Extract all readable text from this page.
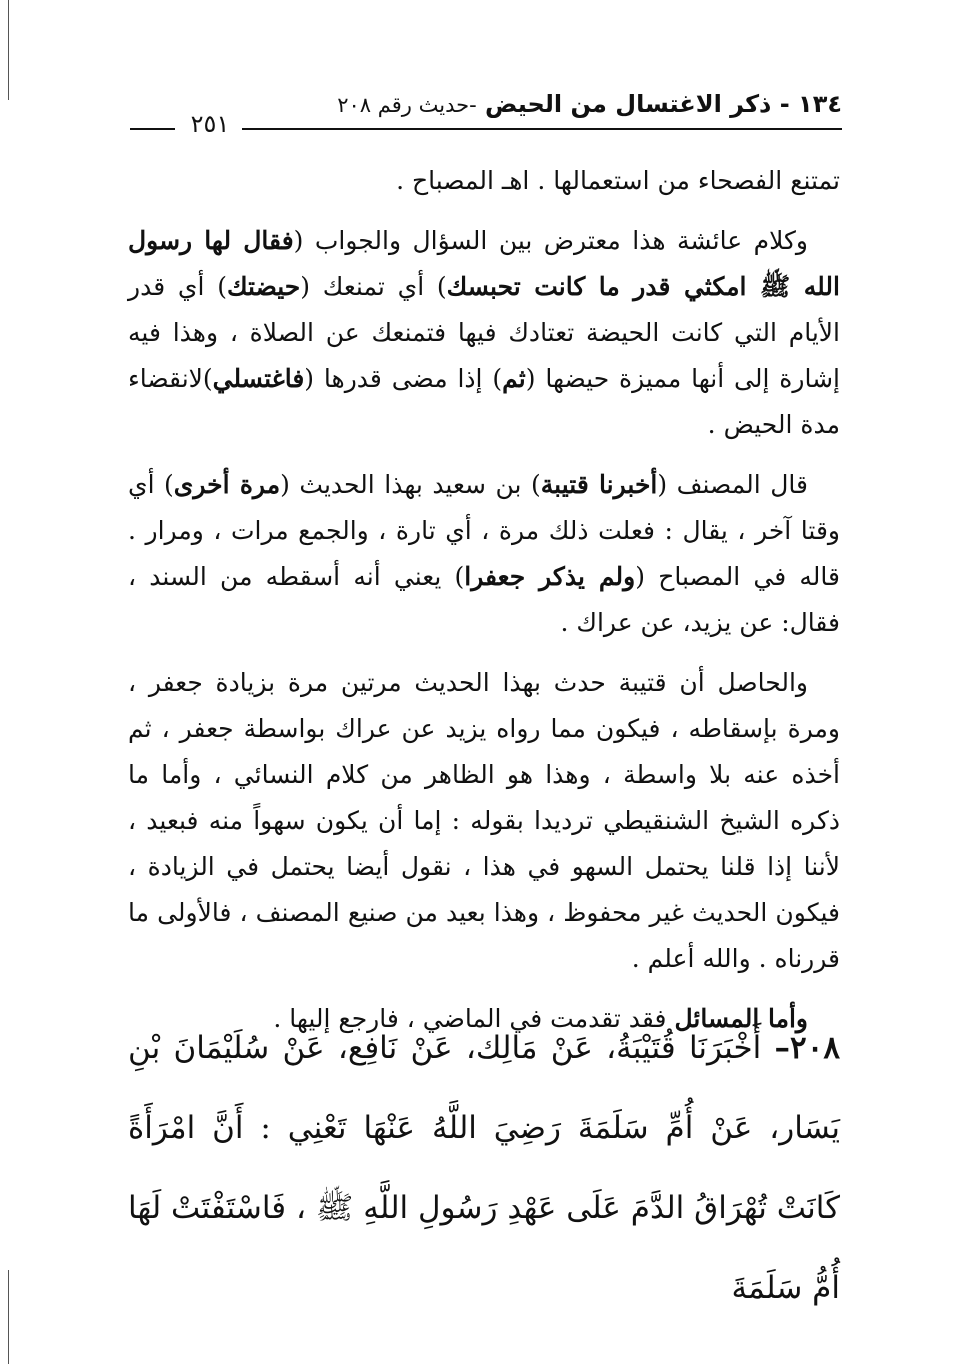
١٣٤ - ذكر الاغتسال من الحيض -حديث رقم ٢٠٨
٢٥١

تمتنع الفصحاء من استعمالها . اهـ المصباح .

وكلام عائشة هذا معترض بين السؤال والجواب (فقال لها رسول الله ﷺ امكثي قدر ما كانت تحبسك) أي تمنعك (حيضتك) أي قدر الأيام التي كانت الحيضة تعتادك فيها فتمنعك عن الصلاة ، وهذا فيه إشارة إلى أنها مميزة حيضها (ثم) إذا مضى قدرها (فاغتسلي)لانقضاء مدة الحيض .

قال المصنف (أخبرنا قتيبة) بن سعيد بهذا الحديث (مرة أخرى) أي وقتا آخر ، يقال : فعلت ذلك مرة ، أي تارة ، والجمع مرات ، ومرار . قاله في المصباح (ولم يذكر جعفرا) يعني أنه أسقطه من السند ، فقال: عن يزيد، عن عراك .

والحاصل أن قتيبة حدث بهذا الحديث مرتين مرة بزيادة جعفر ، ومرة بإسقاطه ، فيكون مما رواه يزيد عن عراك بواسطة جعفر ، ثم أخذه عنه بلا واسطة ، وهذا هو الظاهر من كلام النسائي ، وأما ما ذكره الشيخ الشنقيطي ترديدا بقوله : إما أن يكون سهواً منه فبعيد ، لأننا إذا قلنا يحتمل السهو في هذا ، نقول أيضا يحتمل في الزيادة ، فيكون الحديث غير محفوظ ، وهذا بعيد من صنيع المصنف ، فالأولى ما قررناه . والله أعلم .

وأما المسائل فقد تقدمت في الماضي ، فارجع إليها .

٢٠٨– أَخْبَرَنَا قُتَيْبَةُ، عَنْ مَالِك، عَنْ نَافِع، عَنْ سُلَيْمَانَ بْنِ يَسَار، عَنْ أُمِّ سَلَمَةَ رَضِيَ اللَّهُ عَنْهَا تَعْنِي : أَنَّ امْرَأَةً كَانَتْ تُهْرَاقُ الدَّمَ عَلَى عَهْدِ رَسُولِ اللَّهِ ﷺ ، فَاسْتَفْتَتْ لَهَا أُمُّ سَلَمَةَ
